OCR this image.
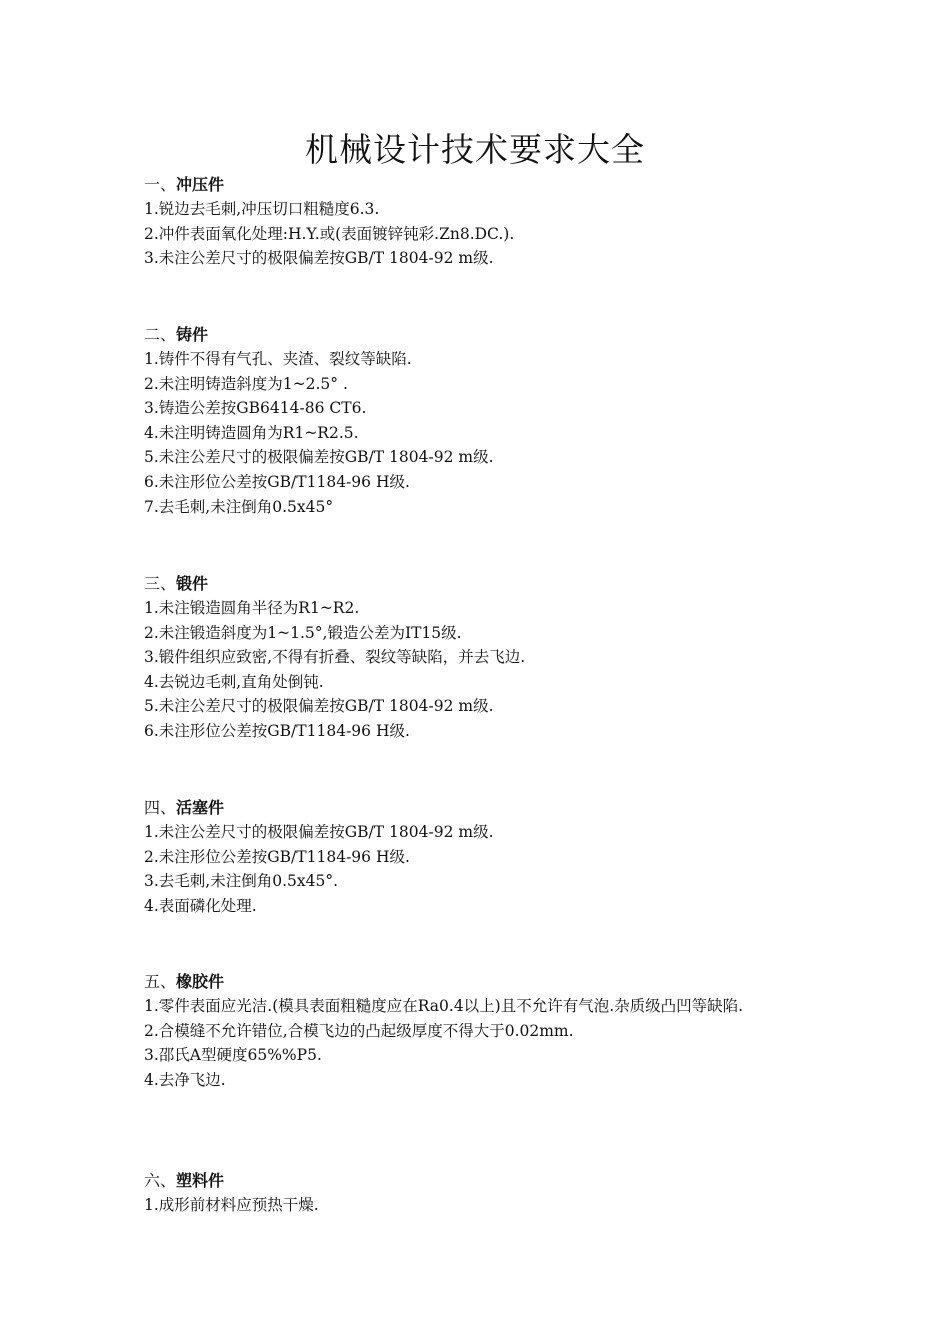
机械设计技术要求大全
一、冲压件
1.锐边去毛刺,冲压切口粗糙度6.3.
2.冲件表面氧化处理:H.Y.或(表面镀锌钝彩.Zn8.DC.).
3.未注公差尺寸的极限偏差按GB/T 1804-92 m级.
二、铸件
1.铸件不得有气孔、夹渣、裂纹等缺陷.
2.未注明铸造斜度为1~2.5° .
3.铸造公差按GB6414-86 CT6.
4.未注明铸造圆角为R1~R2.5.
5.未注公差尺寸的极限偏差按GB/T 1804-92 m级.
6.未注形位公差按GB/T1184-96 H级.
7.去毛刺,未注倒角0.5x45°
三、锻件
1.未注锻造圆角半径为R1~R2.
2.未注锻造斜度为1~1.5°,锻造公差为IT15级.
3.锻件组织应致密,不得有折叠、裂纹等缺陷，并去飞边.
4.去锐边毛刺,直角处倒钝.
5.未注公差尺寸的极限偏差按GB/T 1804-92 m级.
6.未注形位公差按GB/T1184-96 H级.
四、活塞件
1.未注公差尺寸的极限偏差按GB/T 1804-92 m级.
2.未注形位公差按GB/T1184-96 H级.
3.去毛刺,未注倒角0.5x45°.
4.表面磷化处理.
五、橡胶件
1.零件表面应光洁.(模具表面粗糙度应在Ra0.4以上)且不允许有气泡.杂质级凸凹等缺陷.
2.合模缝不允许错位,合模飞边的凸起级厚度不得大于0.02mm.
3.邵氏A型硬度65%%P5.
4.去净飞边.
六、塑料件
1.成形前材料应预热干燥.
